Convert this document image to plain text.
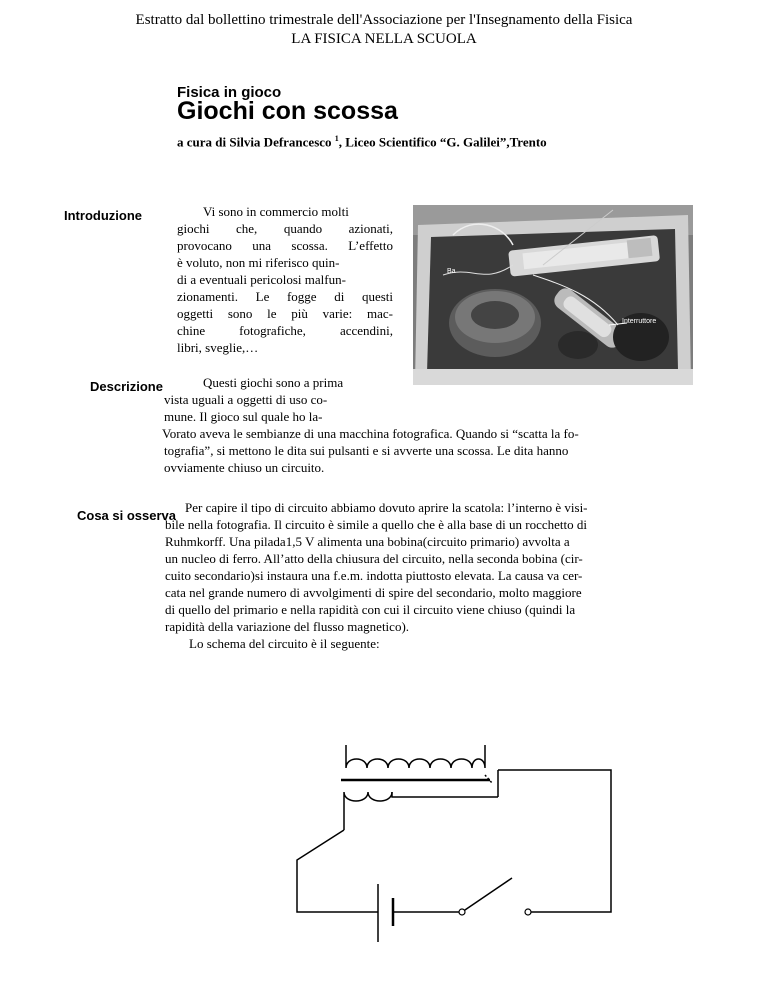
Estratto dal bollettino trimestrale dell'Associazione per l'Insegnamento della Fisica
LA FISICA NELLA SCUOLA
Fisica in gioco
Giochi con scossa
a cura di Silvia Defrancesco $^1$, Liceo Scientifico “G. Galilei”,Trento
Introduzione	Vi sono in commercio molti
giochi che, quando azionati,
provocano una scossa. L’effetto
è voluto, non mi riferisco quin-
di a eventuali pericolosi malfun-
zionamenti. Le fogge di questi
oggetti sono le più varie: mac-
chine fotografiche, accendini,
libri, sveglie,…
Ba
Interruttore
Descrizione	Questi giochi sono a prima
vista uguali a oggetti di uso co-
mune. Il gioco sul quale ho la-
Vorato aveva le sembianze di una macchina fotografica. Quando si “scatta la fo-
tografia”, si mettono le dita sui pulsanti e si avverte una scossa. Le dita hanno
ovviamente chiuso un circuito.
Cosa si osserva
Per capire il tipo di circuito abbiamo dovuto aprire la scatola: l’interno è visi-
bile nella fotografia. Il circuito è simile a quello che è alla base di un rocchetto di
Ruhmkorff. Una pilada1,5 V alimenta una bobina(circuito primario) avvolta a
un nucleo di ferro. All’atto della chiusura del circuito, nella seconda bobina (cir-
cuito secondario)si instaura una f.e.m. indotta piuttosto elevata. La causa va cer-
cata nel grande numero di avvolgimenti di spire del secondario, molto maggiore
di quello del primario e nella rapidità con cui il circuito viene chiuso (quindi la
rapidità della variazione del flusso magnetico).
Lo schema del circuito è il seguente:
